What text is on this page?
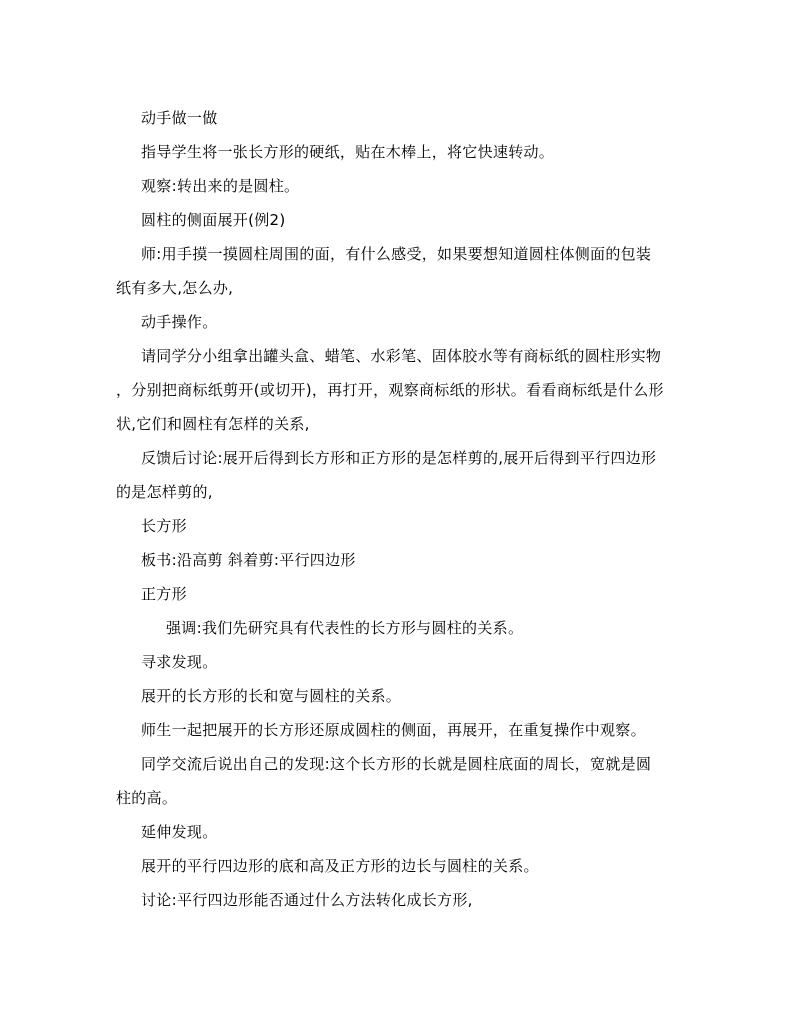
动手做一做
指导学生将一张长方形的硬纸，贴在木棒上，将它快速转动。
观察:转出来的是圆柱。
圆柱的侧面展开(例2)
师:用手摸一摸圆柱周围的面，有什么感受，如果要想知道圆柱体侧面的包装
纸有多大,怎么办,
动手操作。
请同学分小组拿出罐头盒、蜡笔、水彩笔、固体胶水等有商标纸的圆柱形实物
，分别把商标纸剪开(或切开)，再打开，观察商标纸的形状。看看商标纸是什么形
状,它们和圆柱有怎样的关系,
反馈后讨论:展开后得到长方形和正方形的是怎样剪的,展开后得到平行四边形
的是怎样剪的,
长方形
板书:沿高剪 斜着剪:平行四边形
正方形
强调:我们先研究具有代表性的长方形与圆柱的关系。
寻求发现。
展开的长方形的长和宽与圆柱的关系。
师生一起把展开的长方形还原成圆柱的侧面，再展开，在重复操作中观察。
同学交流后说出自己的发现:这个长方形的长就是圆柱底面的周长，宽就是圆
柱的高。
延伸发现。
展开的平行四边形的底和高及正方形的边长与圆柱的关系。
讨论:平行四边形能否通过什么方法转化成长方形,
